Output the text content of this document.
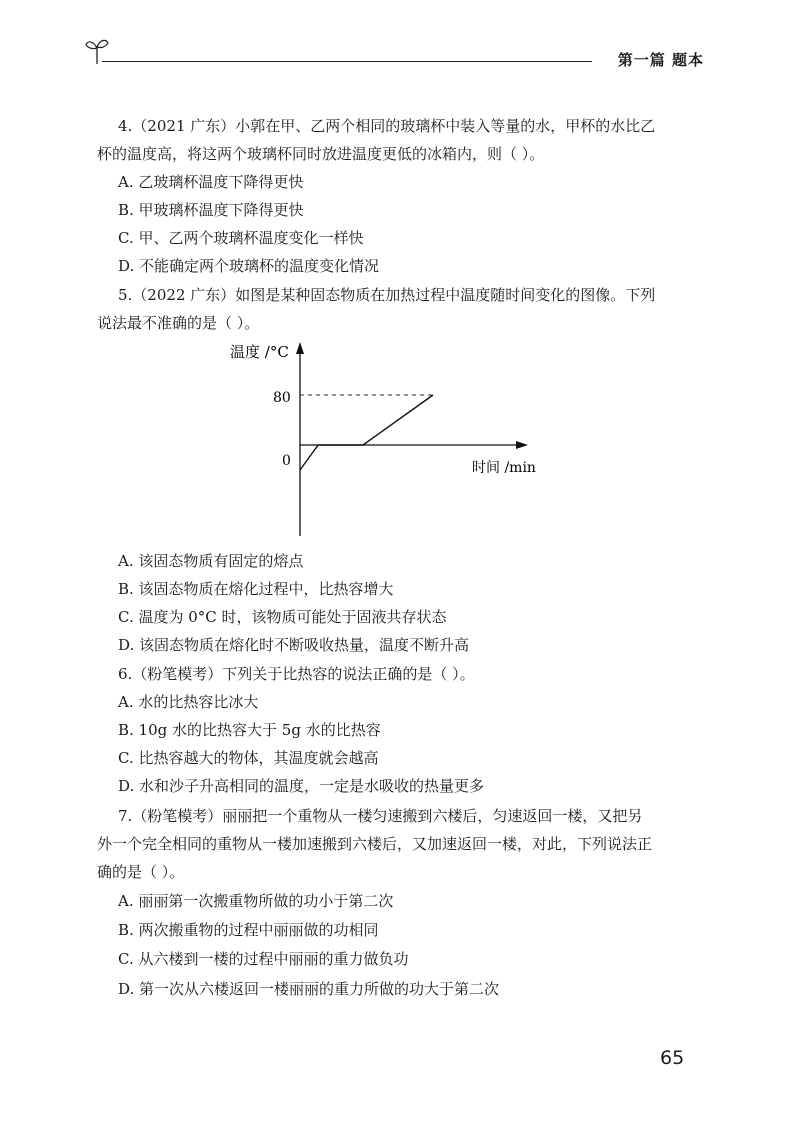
第一篇 题本
4.（2021 广东）小郭在甲、乙两个相同的玻璃杯中装入等量的水，甲杯的水比乙
杯的温度高，将这两个玻璃杯同时放进温度更低的冰箱内，则（ ）。
A. 乙玻璃杯温度下降得更快
B. 甲玻璃杯温度下降得更快
C. 甲、乙两个玻璃杯温度变化一样快
D. 不能确定两个玻璃杯的温度变化情况
5.（2022 广东）如图是某种固态物质在加热过程中温度随时间变化的图像。下列
说法最不准确的是（ ）。
温度 /°C
时间 /min
80
0
A. 该固态物质有固定的熔点
B. 该固态物质在熔化过程中，比热容增大
C. 温度为 0°C 时，该物质可能处于固液共存状态
D. 该固态物质在熔化时不断吸收热量，温度不断升高
6.（粉笔模考）下列关于比热容的说法正确的是（ ）。
A. 水的比热容比冰大
B. 10g 水的比热容大于 5g 水的比热容
C. 比热容越大的物体，其温度就会越高
D. 水和沙子升高相同的温度，一定是水吸收的热量更多
7.（粉笔模考）丽丽把一个重物从一楼匀速搬到六楼后，匀速返回一楼，又把另
外一个完全相同的重物从一楼加速搬到六楼后，又加速返回一楼，对此，下列说法正
确的是（ ）。
A. 丽丽第一次搬重物所做的功小于第二次
B. 两次搬重物的过程中丽丽做的功相同
C. 从六楼到一楼的过程中丽丽的重力做负功
D. 第一次从六楼返回一楼丽丽的重力所做的功大于第二次
65
